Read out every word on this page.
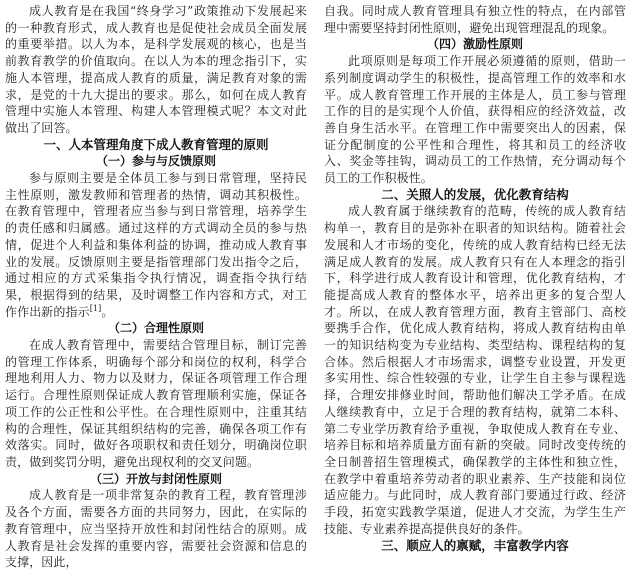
成人教育是在我国“终身学习”政策推动下发展起来的一种教育形式，成人教育也是促使社会成员全面发展的重要举措。以人为本，是科学发展观的核心，也是当前教育教学的价值取向。在以人为本的理念指引下，实施人本管理，提高成人教育的质量，满足教育对象的需求，是党的十九大提出的要求。那么，如何在成人教育管理中实施人本管理、构建人本管理模式呢？本文对此做出了回答。

一、人本管理角度下成人教育管理的原则
（一）参与与反馈原则

参与原则主要是全体员工参与到日常管理，坚持民主性原则，激发教师和管理者的热情，调动其积极性。在教育管理中，管理者应当参与到日常管理，培养学生的责任感和归属感。通过这样的方式调动全员的参与热情，促进个人利益和集体利益的协调，推动成人教育事业的发展。反馈原则主要是指管理部门发出指令之后，通过相应的方式采集指令执行情况，调查指令执行结果，根据得到的结果，及时调整工作内容和方式，对工作作出新的指示[1]。

（二）合理性原则

在成人教育管理中，需要结合管理目标，制订完善的管理工作体系，明确每个部分和岗位的权利，科学合理地利用人力、物力以及财力，保证各项管理工作合理运行。合理性原则保证成人教育管理顺利实施，保证各项工作的公正性和公平性。在合理性原则中，注重其结构的合理性，保证其组织结构的完善，确保各项工作有效落实。同时，做好各项职权和责任划分，明确岗位职责，做到奖罚分明，避免出现权利的交叉问题。

（三）开放与封闭性原则

成人教育是一项非常复杂的教育工程，教育管理涉及各个方面，需要各方面的共同努力，因此，在实际的教育管理中，应当坚持开放性和封闭性结合的原则。成人教育是社会发挥的重要内容，需要社会资源和信息的支撑，因此，

自我。同时成人教育管理具有独立性的特点，在内部管理中需要坚持封闭性原则，避免出现管理混乱的现象。

（四）激励性原则

此项原则是每项工作开展必须遵循的原则，借助一系列制度调动学生的积极性，提高管理工作的效率和水平。成人教育管理工作开展的主体是人，员工参与管理工作的目的是实现个人价值，获得相应的经济效益，改善自身生活水平。在管理工作中需要突出人的因素，保证分配制度的公平性和合理性，将其和员工的经济收入、奖金等挂钩，调动员工的工作热情，充分调动每个员工的工作积极性。

二、关照人的发展，优化教育结构

成人教育属于继续教育的范畴，传统的成人教育结构单一，教育目的是弥补在职者的知识结构。随着社会发展和人才市场的变化，传统的成人教育结构已经无法满足成人教育的发展。成人教育只有在人本理念的指引下，科学进行成人教育设计和管理，优化教育结构，才能提高成人教育的整体水平，培养出更多的复合型人才。所以，在成人教育管理方面，教育主管部门、高校要携手合作，优化成人教育结构，将成人教育结构由单一的知识结构变为专业结构、类型结构、课程结构的复合体。然后根据人才市场需求，调整专业设置，开发更多实用性、综合性较强的专业，让学生自主参与课程选择，合理安排修业时间，帮助他们解决工学矛盾。在成人继续教育中，立足于合理的教育结构，就第二本科、第二专业学历教育给予重视，争取使成人教育在专业、培养目标和培养质量方面有新的突破。同时改变传统的全日制普招生管理模式，确保教学的主体性和独立性，在教学中着重培养劳动者的职业素养、生产技能和岗位适应能力。与此同时，成人教育部门要通过行政、经济手段，拓宽实践教学渠道，促进人才交流，为学生生产技能、专业素养提高提供良好的条件。

三、顺应人的禀赋，丰富教学内容
